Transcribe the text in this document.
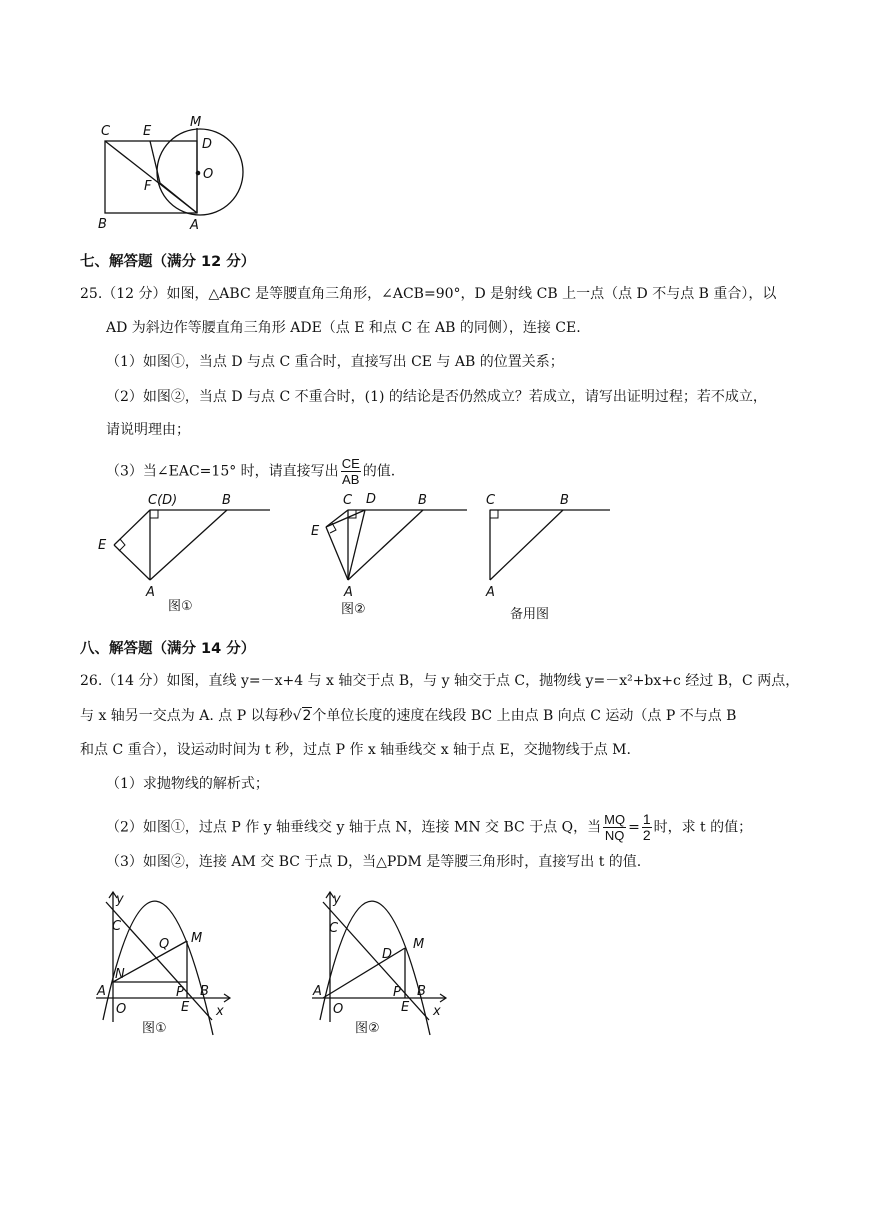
C	E
M
D
O
F
B	A
七、解答题（满分 12 分）
25.（12 分）如图，△ABC 是等腰直角三角形，∠ACB=90°，D 是射线 CB 上一点（点 D 不与点 B 重合），以
AD 为斜边作等腰直角三角形 ADE（点 E 和点 C 在 AB 的同侧），连接 CE.
（1）如图①，当点 D 与点 C 重合时，直接写出 CE 与 AB 的位置关系；
（2）如图②，当点 D 与点 C 不重合时，(1) 的结论是否仍然成立？若成立，请写出证明过程；若不成立，
请说明理由；
（3）当∠EAC=15° 时，请直接写出 $\frac{CE}{AB}$ 的值.
C(D)	B
E
A
图①
C D	B
E
A
图②
C	B
A
备用图
八、解答题（满分 14 分）
26.（14 分）如图，直线 y=－x+4 与 x 轴交于点 B，与 y 轴交于点 C，抛物线 y=－x²+bx+c 经过 B，C 两点，
与 x 轴另一交点为 A. 点 P 以每秒√2个单位长度的速度在线段 BC 上由点 B 向点 C 运动（点 P 不与点 B
和点 C 重合），设运动时间为 t 秒，过点 P 作 x 轴垂线交 x 轴于点 E，交抛物线于点 M.
（1）求抛物线的解析式；
（2）如图①，过点 P 作 y 轴垂线交 y 轴于点 N，连接 MN 交 BC 于点 Q，当 $\frac{MQ}{NQ} = \frac{1}{2}$ 时，求 t 的值；
（3）如图②，连接 AM 交 BC 于点 D，当△PDM 是等腰三角形时，直接写出 t 的值.
y
C
Q M
N
A	P B
O	E x
图①
y
C
D
M
A	P B
O	E x
图②
